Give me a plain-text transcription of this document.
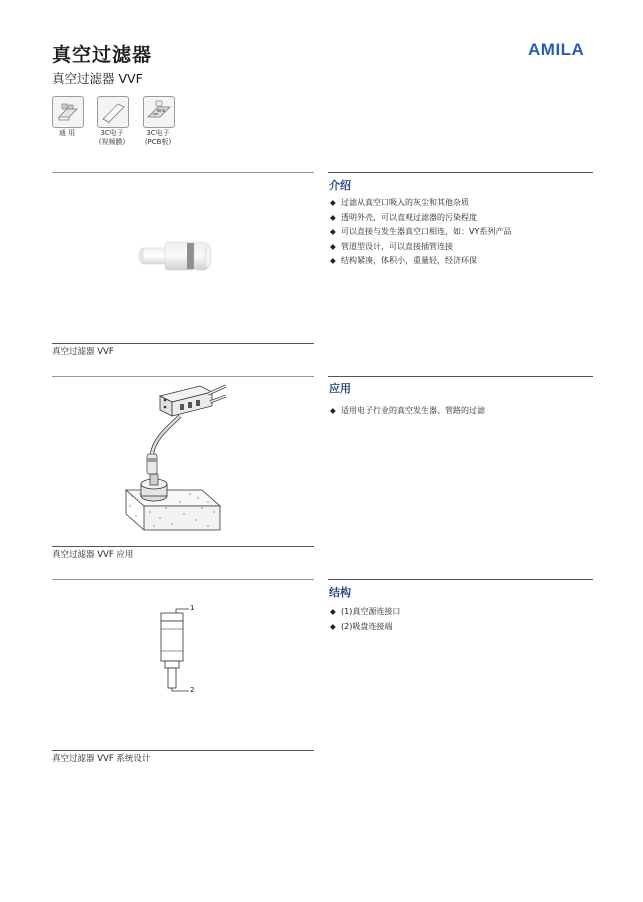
真空过滤器
真空过滤器 VVF
AMILA
通 用	3C电子
(视频膜)
3C电子
(PCB板)
真空过滤器 VVF
介绍
◆ 过滤从真空口吸入的灰尘和其他杂质
◆ 透明外壳，可以直观过滤器的污染程度
◆ 可以直接与发生器真空口相连，如：VY系列产品
◆ 管道型设计，可以直接插管连接
◆ 结构紧凑，体积小，重量轻，经济环保
真空过滤器 VVF 应用
应用
◆ 适用电子行业的真空发生器、管路的过滤
1
2
真空过滤器 VVF 系统设计
结构
◆ (1)真空源连接口
◆ (2)吸盘连接端
